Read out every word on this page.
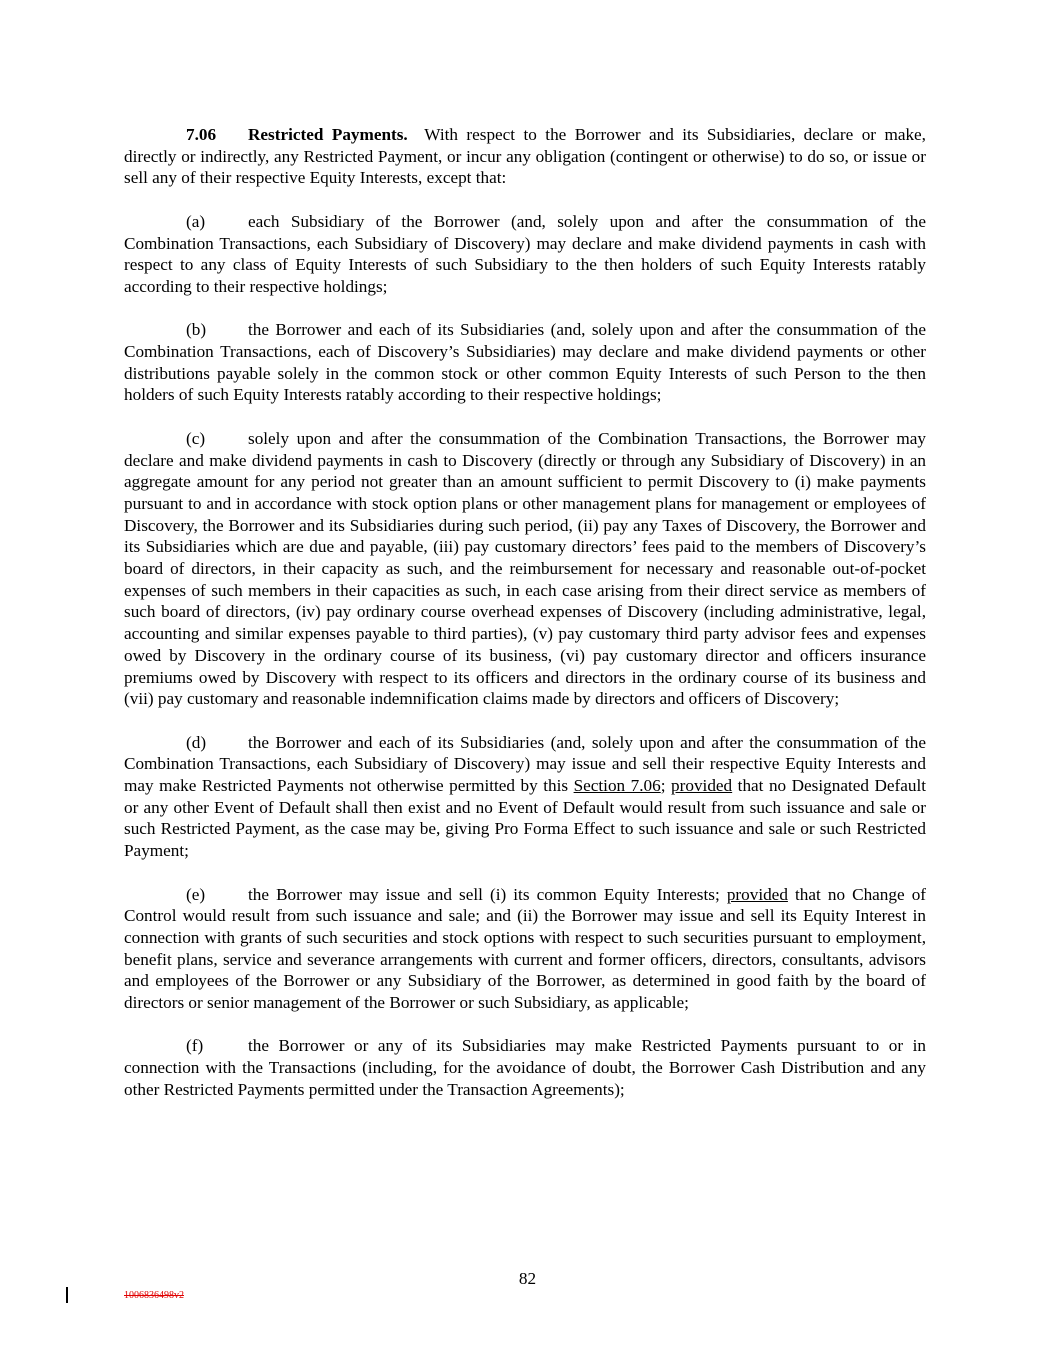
7.06 Restricted Payments. With respect to the Borrower and its Subsidiaries, declare or make, directly or indirectly, any Restricted Payment, or incur any obligation (contingent or otherwise) to do so, or issue or sell any of their respective Equity Interests, except that:

(a) each Subsidiary of the Borrower (and, solely upon and after the consummation of the Combination Transactions, each Subsidiary of Discovery) may declare and make dividend payments in cash with respect to any class of Equity Interests of such Subsidiary to the then holders of such Equity Interests ratably according to their respective holdings;

(b) the Borrower and each of its Subsidiaries (and, solely upon and after the consummation of the Combination Transactions, each of Discovery’s Subsidiaries) may declare and make dividend payments or other distributions payable solely in the common stock or other common Equity Interests of such Person to the then holders of such Equity Interests ratably according to their respective holdings;

(c) solely upon and after the consummation of the Combination Transactions, the Borrower may declare and make dividend payments in cash to Discovery (directly or through any Subsidiary of Discovery) in an aggregate amount for any period not greater than an amount sufficient to permit Discovery to (i) make payments pursuant to and in accordance with stock option plans or other management plans for management or employees of Discovery, the Borrower and its Subsidiaries during such period, (ii) pay any Taxes of Discovery, the Borrower and its Subsidiaries which are due and payable, (iii) pay customary directors’ fees paid to the members of Discovery’s board of directors, in their capacity as such, and the reimbursement for necessary and reasonable out-of-pocket expenses of such members in their capacities as such, in each case arising from their direct service as members of such board of directors, (iv) pay ordinary course overhead expenses of Discovery (including administrative, legal, accounting and similar expenses payable to third parties), (v) pay customary third party advisor fees and expenses owed by Discovery in the ordinary course of its business, (vi) pay customary director and officers insurance premiums owed by Discovery with respect to its officers and directors in the ordinary course of its business and (vii) pay customary and reasonable indemnification claims made by directors and officers of Discovery;

(d) the Borrower and each of its Subsidiaries (and, solely upon and after the consummation of the Combination Transactions, each Subsidiary of Discovery) may issue and sell their respective Equity Interests and may make Restricted Payments not otherwise permitted by this Section 7.06; provided that no Designated Default or any other Event of Default shall then exist and no Event of Default would result from such issuance and sale or such Restricted Payment, as the case may be, giving Pro Forma Effect to such issuance and sale or such Restricted Payment;

(e) the Borrower may issue and sell (i) its common Equity Interests; provided that no Change of Control would result from such issuance and sale; and (ii) the Borrower may issue and sell its Equity Interest in connection with grants of such securities and stock options with respect to such securities pursuant to employment, benefit plans, service and severance arrangements with current and former officers, directors, consultants, advisors and employees of the Borrower or any Subsidiary of the Borrower, as determined in good faith by the board of directors or senior management of the Borrower or such Subsidiary, as applicable;

(f)	the Borrower or any of its Subsidiaries may make Restricted Payments pursuant to or in connection with the Transactions (including, for the avoidance of doubt, the Borrower Cash Distribution and any other Restricted Payments permitted under the Transaction Agreements);

82
1006836498v2
